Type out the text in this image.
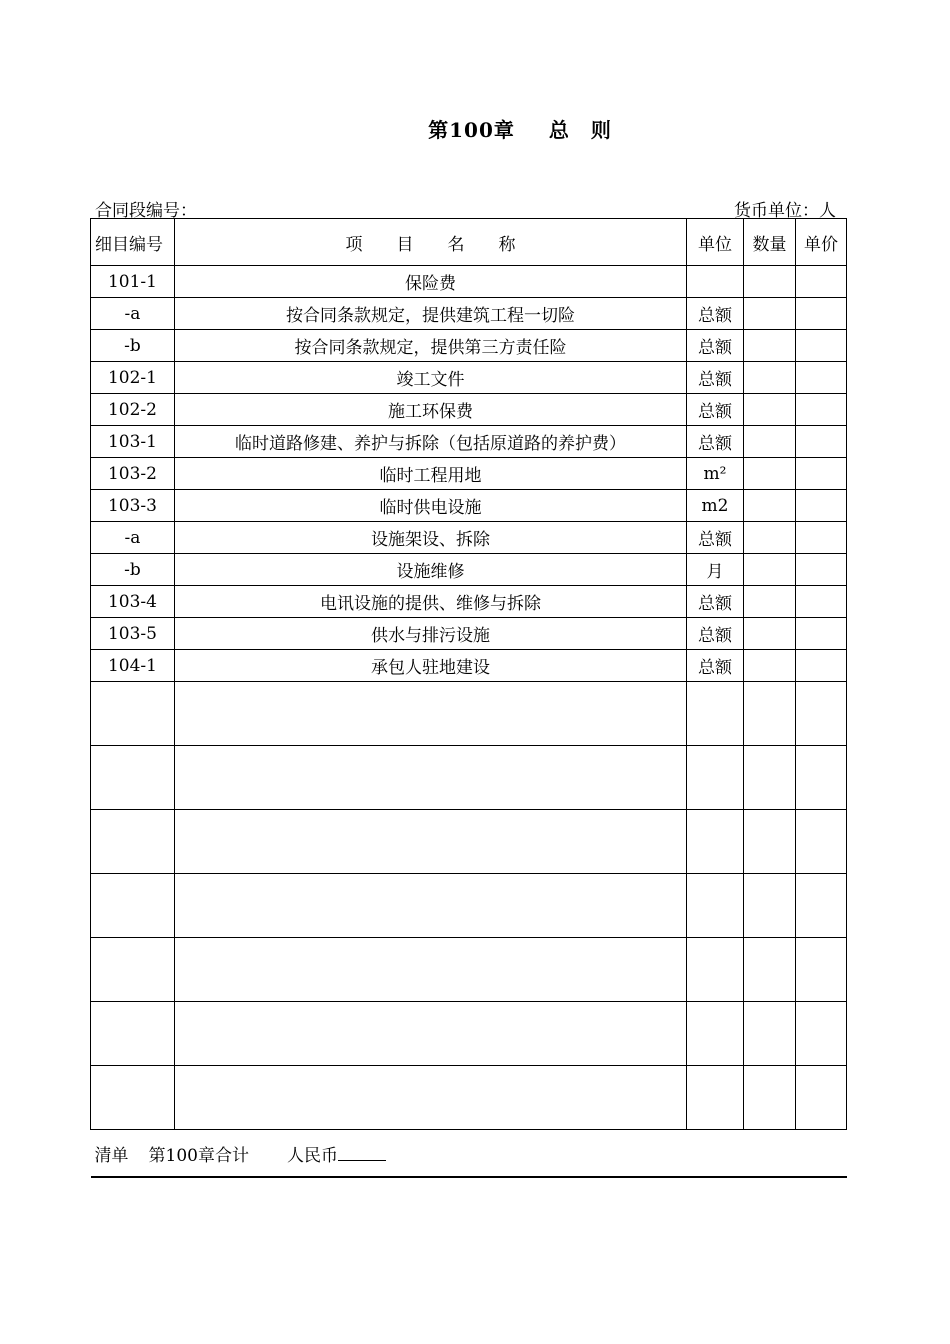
第100章 总　则
合同段编号：	货币单位：人
细目编号	项　　目　　名　　称	单位	数量	单价
101-1	保险费			
-a	按合同条款规定，提供建筑工程一切险	总额		
-b	按合同条款规定，提供第三方责任险	总额		
102-1	竣工文件	总额		
102-2	施工环保费	总额		
103-1	临时道路修建、养护与拆除（包括原道路的养护费）	总额		
103-2	临时工程用地	m²		
103-3	临时供电设施	m2		
-a	设施架设、拆除	总额		
-b	设施维修	月		
103-4	电讯设施的提供、维修与拆除	总额		
103-5	供水与排污设施	总额		
104-1	承包人驻地建设	总额		

清单 第100章合计 人民币				
